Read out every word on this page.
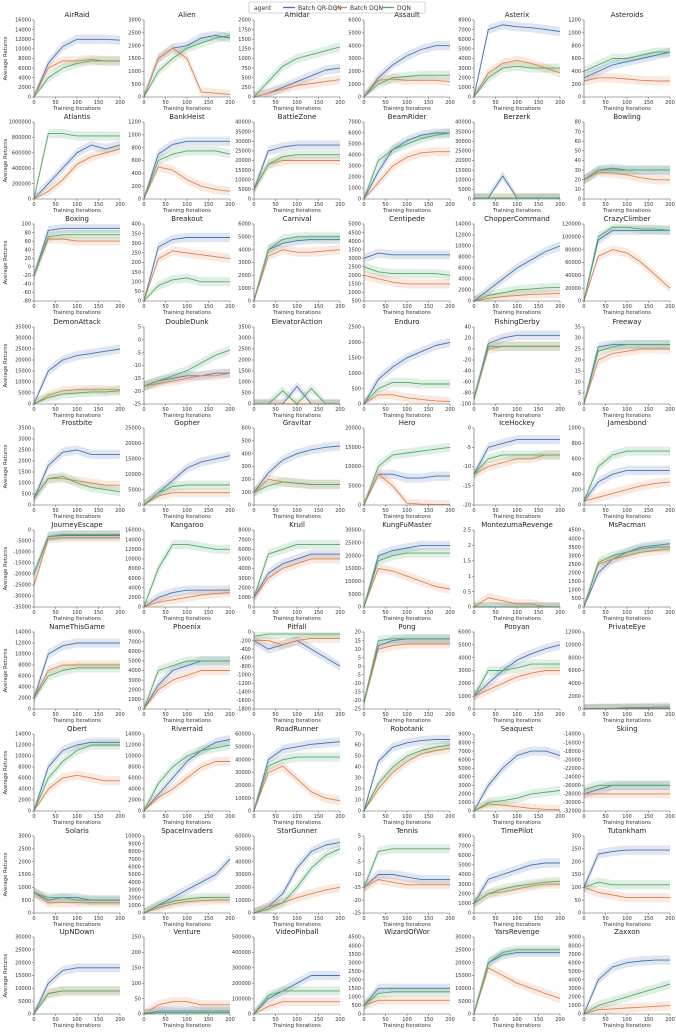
agent	Batch QR-DQN Batch DQN DQN
AirRaid
0	50	100 150 200
0
2000
4000
6000
8000
10000
12000
14000
16000
Training Iterations
Average Returns
Alien
0	50	100 150 200
0
500
1000
1500
2000
2500
3000
Training Iterations
Amidar
0	50	100 150 200
0
250
500
750
1000
1250
1500
1750
2000
Training Iterations
Assault
0	50	100 150 200
0
1000
2000
3000
4000
5000
6000
Training Iterations
Asterix
0	50	100 150 200
0
1000
2000
3000
4000
5000
6000
7000
8000
Training Iterations
Asteroids
0	50	100 150 200
0
200
400
600
800
1000
1200
Training Iterations
Atlantis
0	50	100 150 200
0
200000
400000
600000
800000
1000000
Training Iterations
Average Returns
BankHeist
0	50	100 150 200
0
200
400
600
800
1000
1200
Training Iterations
BattleZone
0	50	100 150 200
0
5000
10000
15000
20000
25000
30000
35000
40000
Training Iterations
BeamRider
0	50	100 150 200
0
1000
2000
3000
4000
5000
6000
7000
Training Iterations
Berzerk
0	50	100 150 200
0
5000
10000
15000
20000
25000
30000
35000
40000
Training Iterations
Bowling
0	50	100 150 200
0
10
20
30
40
50
60
70
80
Training Iterations
Boxing
0	50	100 150 200
-80
-60
-40
-20
0
20
40
60
80
100
Training Iterations
Average Returns
Breakout
0	50	100 150 200
0
50
100
150
200
250
300
350
400
Training Iterations
Carnival
0	50	100 150 200
0
1000
2000
3000
4000
5000
6000
Training Iterations
Centipede
0	50	100 150 200
500
1000
1500
2000
2500
3000
3500
4000
4500
5000
Training Iterations
ChopperCommand
0	50	100 150 200
0
2000
4000
6000
8000
10000
12000
14000
Training Iterations
CrazyClimber
0	50	100 150 200
0
20000
40000
60000
80000
100000
120000
Training Iterations
DemonAttack
0	50	100 150 200
0
5000
10000
15000
20000
25000
30000
35000
Training Iterations
Average Returns
DoubleDunk
0	50	100 150 200
-25
-20
-15
-10
-5
0
5
Training Iterations
ElevatorAction
0	50	100 150 200
0
500
1000
1500
2000
2500
3000
3500
Training Iterations
Enduro
0	50	100 150 200
0
500
1000
1500
2000
2500
Training Iterations
FishingDerby
0	50	100 150 200
-100
-80
-60
-40
-20
0
20
40
Training Iterations
Freeway
0	50	100 150 200
0
5
10
15
20
25
30
35
Training Iterations
Frostbite
0	50	100 150 200
0
500
1000
1500
2000
2500
3000
3500
Training Iterations
Average Returns
Gopher
0	50	100 150 200
0
5000
10000
15000
20000
25000
Training Iterations
Gravitar
0	50	100 150 200
0
100
200
300
400
500
600
Training Iterations
Hero
0	50	100 150 200
0
5000
10000
15000
20000
Training Iterations
IceHockey
0	50	100 150 200
-20
-15
-10
-5
0
Training Iterations
Jamesbond
0	50	100 150 200
0
200
400
600
800
1000
Training Iterations
JourneyEscape
0	50	100 150 200
-35000
-30000
-25000
-20000
-15000
-10000
-5000
0
Training Iterations
Average Returns
Kangaroo
0	50	100 150 200
0
2000
4000
6000
8000
10000
12000
14000
16000
Training Iterations
Krull
0	50	100 150 200
0
1000
2000
3000
4000
5000
6000
7000
8000
Training Iterations
KungFuMaster
0	50	100 150 200
0
5000
10000
15000
20000
25000
30000
Training Iterations
MontezumaRevenge
0	50	100 150 200
0
0.5
1
1.5
2
2.5
Training Iterations
MsPacman
0	50	100 150 200
0
500
1000
1500
2000
2500
3000
3500
4000
4500
Training Iterations
NameThisGame
0	50	100 150 200
0
2000
4000
6000
8000
10000
12000
14000
Training Iterations
Average Returns
Phoenix
0	50	100 150 200
0
1000
2000
3000
4000
5000
6000
7000
8000
Training Iterations
Pitfall
0	50	100 150 200
-1800
-1600
-1400
-1200
-1000
-800
-600
-400
-200
0
Training Iterations
Pong
0	50	100 150 200
-25
-20
-15
-10
-5
0
5
10
15
20
Training Iterations
Pooyan
0	50	100 150 200
0
1000
2000
3000
4000
5000
6000
Training Iterations
PrivateEye
0	50	100 150 200
0
2000
4000
6000
8000
10000
12000
Training Iterations
Qbert
0	50	100 150 200
0
2000
4000
6000
8000
10000
12000
14000
Training Iterations
Average Returns
Riverraid
0	50	100 150 200
0
2000
4000
6000
8000
10000
12000
14000
Training Iterations
RoadRunner
0	50	100 150 200
0
10000
20000
30000
40000
50000
60000
Training Iterations
Robotank
0	50	100 150 200
0
10
20
30
40
50
60
70
Training Iterations
Seaquest
0	50	100 150 200
0
1000
2000
3000
4000
5000
6000
7000
8000
9000
Training Iterations
Skiing
0	50	100 150 200
-32000
-30000
-28000
-26000
-24000
-22000
-20000
-18000
-16000
-14000
Training Iterations
Solaris
0	50	100 150 200
0
500
1000
1500
2000
2500
3000
Training Iterations
Average Returns
SpaceInvaders
0	50	100 150 200
0
1000
2000
3000
4000
5000
6000
7000
8000
9000
10000
Training Iterations
StarGunner
0	50	100 150 200
0
10000
20000
30000
40000
50000
60000
Training Iterations
Tennis
0	50	100 150 200
-25
-20
-15
-10
-5
0
5
Training Iterations
TimePilot
0	50	100 150 200
0
1000
2000
3000
4000
5000
6000
7000
8000
Training Iterations
Tutankham
0	50	100 150 200
0
50
100
150
200
250
300
Training Iterations
UpNDown
0	50	100 150 200
0
5000
10000
15000
20000
25000
30000
Training Iterations
Average Returns
Venture
0	50	100 150 200
0
50
100
150
200
250
Training Iterations
VideoPinball
0	50	100 150 200
0
100000
200000
300000
400000
500000
Training Iterations
WizardOfWor
0	50	100 150 200
0
500
1000
1500
2000
2500
3000
3500
4000
4500
Training Iterations
YarsRevenge
0	50	100 150 200
0
5000
10000
15000
20000
25000
30000
Training Iterations
Zaxxon
0	50	100 150 200
0
1000
2000
3000
4000
5000
6000
7000
8000
9000
Training Iterations
